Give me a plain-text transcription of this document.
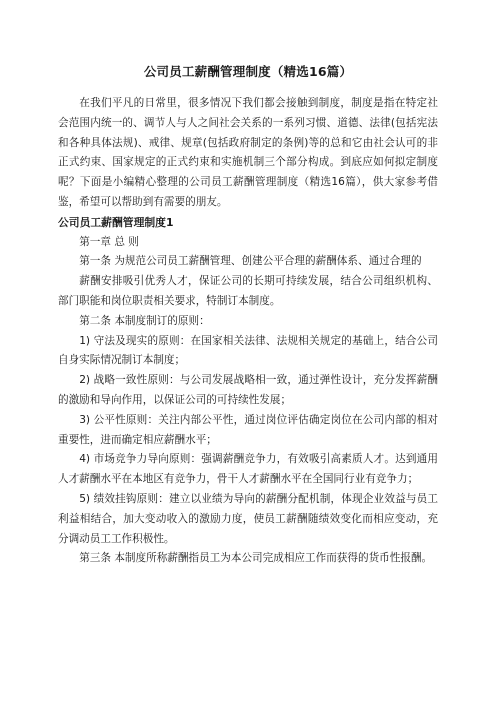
公司员工薪酬管理制度（精选16篇）

在我们平凡的日常里，很多情况下我们都会接触到制度，制度是指在特定社会范围内统一的、调节人与人之间社会关系的一系列习惯、道德、法律(包括宪法和各种具体法规)、戒律、规章(包括政府制定的条例)等的总和它由社会认可的非正式约束、国家规定的正式约束和实施机制三个部分构成。到底应如何拟定制度呢？下面是小编精心整理的公司员工薪酬管理制度（精选16篇），供大家参考借鉴，希望可以帮助到有需要的朋友。

公司员工薪酬管理制度1

第一章 总 则

第一条 为规范公司员工薪酬管理、创建公平合理的薪酬体系、通过合理的

薪酬安排吸引优秀人才，保证公司的长期可持续发展，结合公司组织机构、部门职能和岗位职责相关要求，特制订本制度。

第二条 本制度制订的原则：

1) 守法及现实的原则：在国家相关法律、法规相关规定的基础上，结合公司自身实际情况制订本制度；

2) 战略一致性原则：与公司发展战略相一致，通过弹性设计，充分发挥薪酬的激励和导向作用，以保证公司的可持续性发展；

3) 公平性原则：关注内部公平性，通过岗位评估确定岗位在公司内部的相对重要性，进而确定相应薪酬水平；

4) 市场竞争力导向原则：强调薪酬竞争力，有效吸引高素质人才。达到通用人才薪酬水平在本地区有竞争力，骨干人才薪酬水平在全国同行业有竞争力；

5) 绩效挂钩原则：建立以业绩为导向的薪酬分配机制，体现企业效益与员工利益相结合，加大变动收入的激励力度，使员工薪酬随绩效变化而相应变动，充分调动员工工作积极性。

第三条 本制度所称薪酬指员工为本公司完成相应工作而获得的货币性报酬。
